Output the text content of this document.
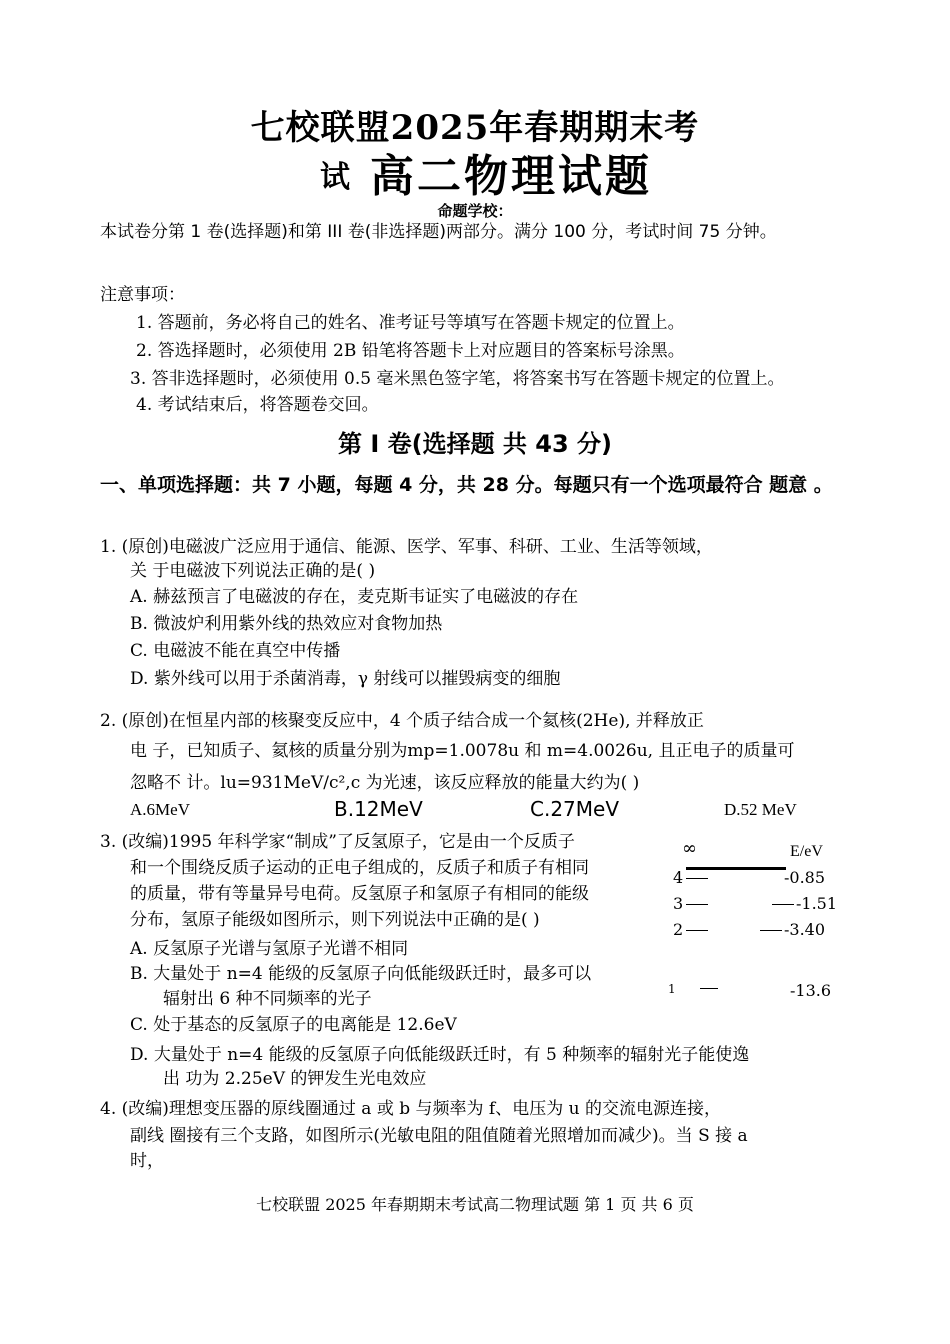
七校联盟2025年春期期末考
试 高二物理试题
命题学校：
本试卷分第 1 卷(选择题)和第 III 卷(非选择题)两部分。满分 100 分，考试时间 75 分钟。
注意事项：
1. 答题前，务必将自己的姓名、准考证号等填写在答题卡规定的位置上。
2. 答选择题时，必须使用 2B 铅笔将答题卡上对应题目的答案标号涂黑。
3. 答非选择题时，必须使用 0.5 毫米黑色签字笔，将答案书写在答题卡规定的位置上。
4. 考试结束后，将答题卷交回。
第 I 卷(选择题 共 43 分)
一、单项选择题：共 7 小题，每题 4 分，共 28 分。每题只有一个选项最符合 题意 。
1. (原创)电磁波广泛应用于通信、能源、医学、军事、科研、工业、生活等领域，
关 于电磁波下列说法正确的是( )
A. 赫兹预言了电磁波的存在，麦克斯韦证实了电磁波的存在
B. 微波炉利用紫外线的热效应对食物加热
C. 电磁波不能在真空中传播
D. 紫外线可以用于杀菌消毒，γ 射线可以摧毁病变的细胞
2. (原创)在恒星内部的核聚变反应中，4 个质子结合成一个氦核(2He), 并释放正
电 子，已知质子、氦核的质量分别为mp=1.0078u 和 m=4.0026u, 且正电子的质量可
忽略不 计。lu=931MeV/c²,c 为光速，该反应释放的能量大约为( )
A.6MeV	B.12MeV	C.27MeV	D.52 MeV
3. (改编)1995 年科学家“制成”了反氢原子，它是由一个反质子
和一个围绕反质子运动的正电子组成的，反质子和质子有相同
的质量，带有等量异号电荷。反氢原子和氢原子有相同的能级
分布，氢原子能级如图所示，则下列说法中正确的是( )
A. 反氢原子光谱与氢原子光谱不相同
B. 大量处于 n=4 能级的反氢原子向低能级跃迁时，最多可以
辐射出 6 种不同频率的光子
C. 处于基态的反氢原子的电离能是 12.6eV
D. 大量处于 n=4 能级的反氢原子向低能级跃迁时，有 5 种频率的辐射光子能使逸
出 功为 2.25eV 的钾发生光电效应
∞	E/eV
4	-0.85
3	-1.51
2	-3.40
1	-13.6
4. (改编)理想变压器的原线圈通过 a 或 b 与频率为 f、电压为 u 的交流电源连接，
副线 圈接有三个支路，如图所示(光敏电阻的阻值随着光照增加而减少)。当 S 接 a
时，
七校联盟 2025 年春期期末考试高二物理试题 第 1 页 共 6 页
